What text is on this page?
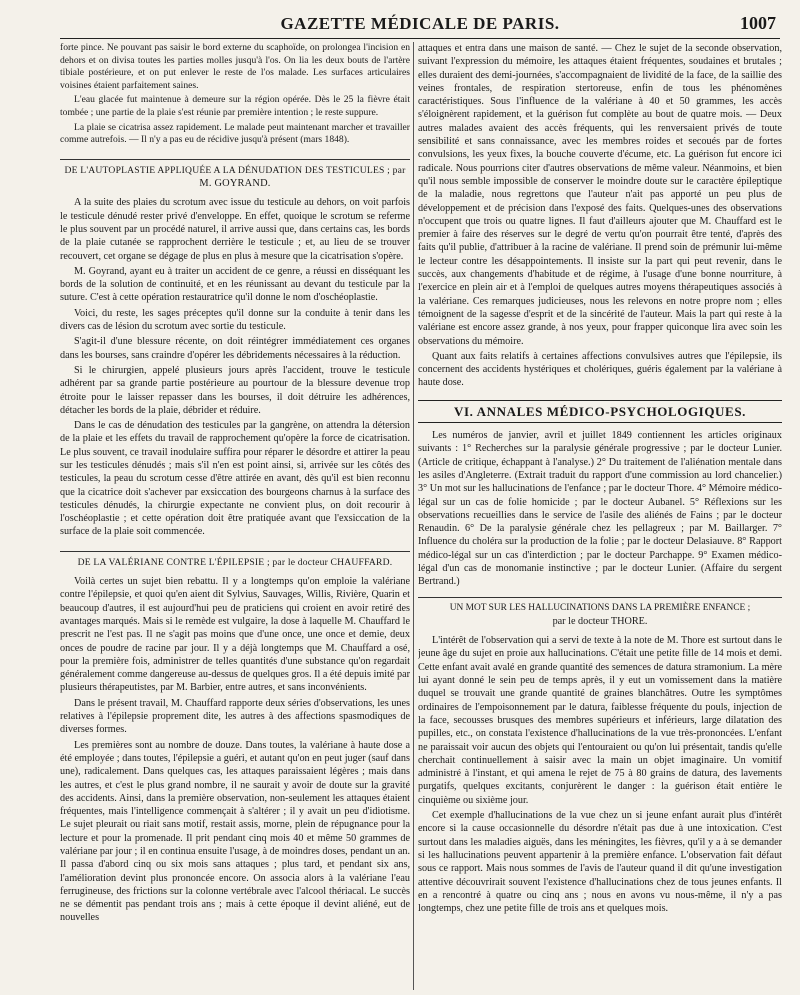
GAZETTE MÉDICALE DE PARIS.	1007

forte pince. Ne pouvant pas saisir le bord externe du scaphoïde, on prolongea l'incision en dehors et on divisa toutes les parties molles jusqu'à l'os. On lia les deux bouts de l'artère tibiale postérieure, et on put enlever le reste de l'os malade. Les surfaces articulaires voisines étaient parfaitement saines.

L'eau glacée fut maintenue à demeure sur la région opérée. Dès le 25 la fièvre était tombée ; une partie de la plaie s'est réunie par première intention ; le reste suppure.

La plaie se cicatrisa assez rapidement. Le malade peut maintenant marcher et travailler comme autrefois. — Il n'y a pas eu de récidive jusqu'à présent (mars 1848).

DE L'AUTOPLASTIE APPLIQUÉE A LA DÉNUDATION DES TESTICULES ; par
M. GOYRAND.

A la suite des plaies du scrotum avec issue du testicule au dehors, on voit parfois le testicule dénudé rester privé d'enveloppe. En effet, quoique le scrotum se referme le plus souvent par un procédé naturel, il arrive aussi que, dans certains cas, les bords de la plaie cutanée se rapprochent derrière le testicule ; et, au lieu de se trouver recouvert, cet organe se dégage de plus en plus à mesure que la cicatrisation s'opère.

M. Goyrand, ayant eu à traiter un accident de ce genre, a réussi en disséquant les bords de la solution de continuité, et en les réunissant au devant du testicule par la suture. C'est à cette opération restauratrice qu'il donne le nom d'oschéoplastie.

Voici, du reste, les sages préceptes qu'il donne sur la conduite à tenir dans les divers cas de lésion du scrotum avec sortie du testicule.

S'agit-il d'une blessure récente, on doit réintégrer immédiatement ces organes dans les bourses, sans craindre d'opérer les débridements nécessaires à la réduction.

Si le chirurgien, appelé plusieurs jours après l'accident, trouve le testicule adhérent par sa grande partie postérieure au pourtour de la blessure devenue trop étroite pour le laisser repasser dans les bourses, il doit détruire les adhérences, détacher les bords de la plaie, débrider et réduire.

Dans le cas de dénudation des testicules par la gangrène, on attendra la détersion de la plaie et les effets du travail de rapprochement qu'opère la force de cicatrisation. Le plus souvent, ce travail inodulaire suffira pour réparer le désordre et attirer la peau sur les testicules dénudés ; mais s'il n'en est point ainsi, si, arrivée sur les côtés des testicules, la peau du scrotum cesse d'être attirée en avant, dès qu'il est bien reconnu que la cicatrice doit s'achever par exsiccation des bourgeons charnus à la surface des testicules dénudés, la chirurgie expectante ne convient plus, on doit recourir à l'oschéoplastie ; et cette opération doit être pratiquée avant que l'exsiccation de la surface de la plaie soit commencée.

DE LA VALÉRIANE CONTRE L'ÉPILEPSIE ; par le docteur CHAUFFARD.

Voilà certes un sujet bien rebattu. Il y a longtemps qu'on emploie la valériane contre l'épilepsie, et quoi qu'en aient dit Sylvius, Sauvages, Willis, Rivière, Quarin et beaucoup d'autres, il est aujourd'hui peu de praticiens qui croient en avoir retiré des avantages marqués. Mais si le remède est vulgaire, la dose à laquelle M. Chauffard le prescrit ne l'est pas. Il ne s'agit pas moins que d'une once, une once et demie, deux onces de poudre de racine par jour. Il y a déjà longtemps que M. Chauffard a osé, pour la première fois, administrer de telles quantités d'une substance qu'on regardait généralement comme dangereuse au-dessus de quelques gros. Il a été depuis imité par plusieurs thérapeutistes, par M. Barbier, entre autres, et sans inconvénients.

Dans le présent travail, M. Chauffard rapporte deux séries d'observations, les unes relatives à l'épilepsie proprement dite, les autres à des affections spasmodiques de diverses formes.

Les premières sont au nombre de douze. Dans toutes, la valériane à haute dose a été employée ; dans toutes, l'épilepsie a guéri, et autant qu'on en peut juger (sauf dans une), radicalement. Dans quelques cas, les attaques paraissaient légères ; mais dans les autres, et c'est le plus grand nombre, il ne saurait y avoir de doute sur la gravité des accidents. Ainsi, dans la première observation, non-seulement les attaques étaient fréquentes, mais l'intelligence commençait à s'altérer ; il y avait un peu d'idiotisme. Le sujet pleurait ou riait sans motif, restait assis, morne, plein de répugnance pour la lecture et pour la promenade. Il prit pendant cinq mois 40 et même 50 grammes de valériane par jour ; il en continua ensuite l'usage, à de moindres doses, pendant un an. Il passa d'abord cinq ou six mois sans attaques ; plus tard, et pendant six ans, l'amélioration devint plus prononcée encore. On associa alors à la valériane l'eau ferrugineuse, des frictions sur la colonne vertébrale avec l'alcool thériacal. Le succès ne se démentit pas pendant trois ans ; mais à cette époque il devint aliéné, eut de nouvelles

attaques et entra dans une maison de santé. — Chez le sujet de la seconde observation, suivant l'expression du mémoire, les attaques étaient fréquentes, soudaines et brutales ; elles duraient des demi-journées, s'accompagnaient de lividité de la face, de la saillie des veines frontales, de respiration stertoreuse, enfin de tous les phénomènes caractéristiques. Sous l'influence de la valériane à 40 et 50 grammes, les accès s'éloignèrent rapidement, et la guérison fut complète au bout de quatre mois. — Deux autres malades avaient des accès fréquents, qui les renversaient privés de toute sensibilité et sans connaissance, avec les membres roides et secoués par de fortes convulsions, les yeux fixes, la bouche couverte d'écume, etc. La guérison fut encore ici radicale. Nous pourrions citer d'autres observations de même valeur. Néanmoins, et bien qu'il nous semble impossible de conserver le moindre doute sur le caractère épileptique de la maladie, nous regrettons que l'auteur n'ait pas apporté un peu plus de développement et de précision dans l'exposé des faits. Quelques-unes des observations n'occupent que trois ou quatre lignes. Il faut d'ailleurs ajouter que M. Chauffard est le premier à faire des réserves sur le degré de vertu qu'on pourrait être tenté, d'après des faits qu'il publie, d'attribuer à la racine de valériane. Il prend soin de prémunir lui-même le lecteur contre les désappointements. Il insiste sur la part qui peut revenir, dans le succès, aux changements d'habitude et de régime, à l'usage d'une bonne nourriture, à l'exercice en plein air et à l'emploi de quelques autres moyens thérapeutiques associés à la valériane. Ces remarques judicieuses, nous les relevons en notre propre nom ; elles témoignent de la sagesse d'esprit et de la sincérité de l'auteur. Mais la part qui reste à la valériane est encore assez grande, à nos yeux, pour frapper quiconque lira avec soin les observations du mémoire.

Quant aux faits relatifs à certaines affections convulsives autres que l'épilepsie, ils concernent des accidents hystériques et cholériques, guéris également par la valériane à haute dose.

VI. ANNALES MÉDICO-PSYCHOLOGIQUES.

Les numéros de janvier, avril et juillet 1849 contiennent les articles originaux suivants : 1° Recherches sur la paralysie générale progressive ; par le docteur Lunier. (Article de critique, échappant à l'analyse.) 2° Du traitement de l'aliénation mentale dans les asiles d'Angleterre. (Extrait traduit du rapport d'une commission au lord chancelier.) 3° Un mot sur les hallucinations de l'enfance ; par le docteur Thore. 4° Mémoire médico-légal sur un cas de folie homicide ; par le docteur Aubanel. 5° Réflexions sur les observations recueillies dans le service de l'asile des aliénés de Fains ; par le docteur Renaudin. 6° De la paralysie générale chez les pellagreux ; par M. Baillarger. 7° Influence du choléra sur la production de la folie ; par le docteur Delasiauve. 8° Rapport médico-légal sur un cas d'interdiction ; par le docteur Parchappe. 9° Examen médico-légal d'un cas de monomanie instinctive ; par le docteur Lunier. (Affaire du sergent Bertrand.)

UN MOT SUR LES HALLUCINATIONS DANS LA PREMIÈRE ENFANCE ;
par le docteur THORE.

L'intérêt de l'observation qui a servi de texte à la note de M. Thore est surtout dans le jeune âge du sujet en proie aux hallucinations. C'était une petite fille de 14 mois et demi. Cette enfant avait avalé en grande quantité des semences de datura stramonium. La mère lui ayant donné le sein peu de temps après, il y eut un vomissement dans la matière duquel se trouvait une grande quantité de graines blanchâtres. Outre les symptômes ordinaires de l'empoisonnement par le datura, faiblesse fréquente du pouls, injection de la face, secousses brusques des membres supérieurs et inférieurs, large dilatation des pupilles, etc., on constata l'existence d'hallucinations de la vue très-prononcées. L'enfant ne paraissait voir aucun des objets qui l'entouraient ou qu'on lui présentait, tandis qu'elle cherchait continuellement à saisir avec la main un objet imaginaire. Un vomitif administré à l'instant, et qui amena le rejet de 75 à 80 grains de datura, des lavements purgatifs, quelques excitants, conjurèrent le danger : la guérison était entière le cinquième ou sixième jour.

Cet exemple d'hallucinations de la vue chez un si jeune enfant aurait plus d'intérêt encore si la cause occasionnelle du désordre n'était pas due à une intoxication. C'est surtout dans les maladies aiguës, dans les méningites, les fièvres, qu'il y a à se demander si les hallucinations peuvent appartenir à la première enfance. L'observation fait défaut sous ce rapport. Mais nous sommes de l'avis de l'auteur quand il dit qu'une investigation attentive découvrirait souvent l'existence d'hallucinations chez de tous jeunes enfants. Il en a rencontré à quatre ou cinq ans ; nous en avons vu nous-même, il n'y a pas longtemps, chez une petite fille de trois ans et quelques mois.
